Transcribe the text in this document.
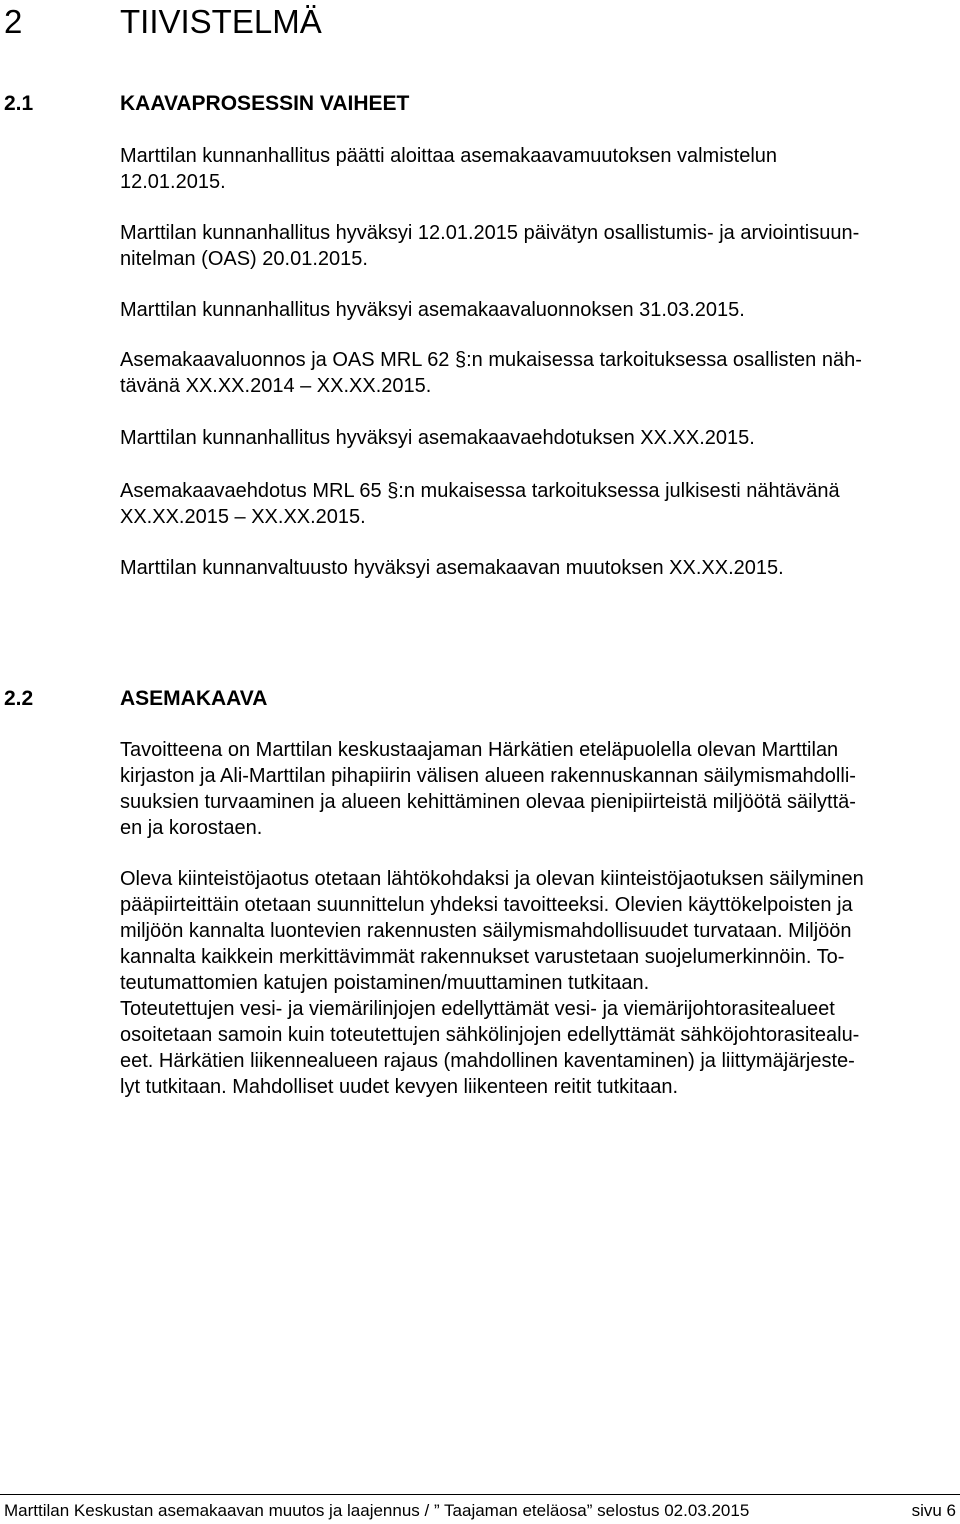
2	TIIVISTELMÄ
2.1	KAAVAPROSESSIN VAIHEET
Marttilan kunnanhallitus päätti aloittaa asemakaavamuutoksen valmistelun
12.01.2015.
Marttilan kunnanhallitus hyväksyi 12.01.2015 päivätyn osallistumis- ja arviointisuun-
nitelman (OAS) 20.01.2015.
Marttilan kunnanhallitus hyväksyi asemakaavaluonnoksen 31.03.2015.
Asemakaavaluonnos ja OAS MRL 62 §:n mukaisessa tarkoituksessa osallisten näh-
tävänä XX.XX.2014 – XX.XX.2015.
Marttilan kunnanhallitus hyväksyi asemakaavaehdotuksen XX.XX.2015.
Asemakaavaehdotus MRL 65 §:n mukaisessa tarkoituksessa julkisesti nähtävänä
XX.XX.2015 – XX.XX.2015.
Marttilan kunnanvaltuusto hyväksyi asemakaavan muutoksen XX.XX.2015.
2.2	ASEMAKAAVA
Tavoitteena on Marttilan keskustaajaman Härkätien eteläpuolella olevan Marttilan
kirjaston ja Ali-Marttilan pihapiirin välisen alueen rakennuskannan säilymismahdolli-
suuksien turvaaminen ja alueen kehittäminen olevaa pienipiirteistä miljöötä säilyttä-
en ja korostaen.
Oleva kiinteistöjaotus otetaan lähtökohdaksi ja olevan kiinteistöjaotuksen säilyminen
pääpiirteittäin otetaan suunnittelun yhdeksi tavoitteeksi. Olevien käyttökelpoisten ja
miljöön kannalta luontevien rakennusten säilymismahdollisuudet turvataan. Miljöön
kannalta kaikkein merkittävimmät rakennukset varustetaan suojelumerkinnöin. To-
teutumattomien katujen poistaminen/muuttaminen tutkitaan.
Toteutettujen vesi- ja viemärilinjojen edellyttämät vesi- ja viemärijohtorasitealueet
osoitetaan samoin kuin toteutettujen sähkölinjojen edellyttämät sähköjohtorasitealu-
eet. Härkätien liikennealueen rajaus (mahdollinen kaventaminen) ja liittymäjärjeste-
lyt tutkitaan. Mahdolliset uudet kevyen liikenteen reitit tutkitaan.
Marttilan Keskustan asemakaavan muutos ja laajennus / ” Taajaman eteläosa” selostus 02.03.2015	sivu 6
